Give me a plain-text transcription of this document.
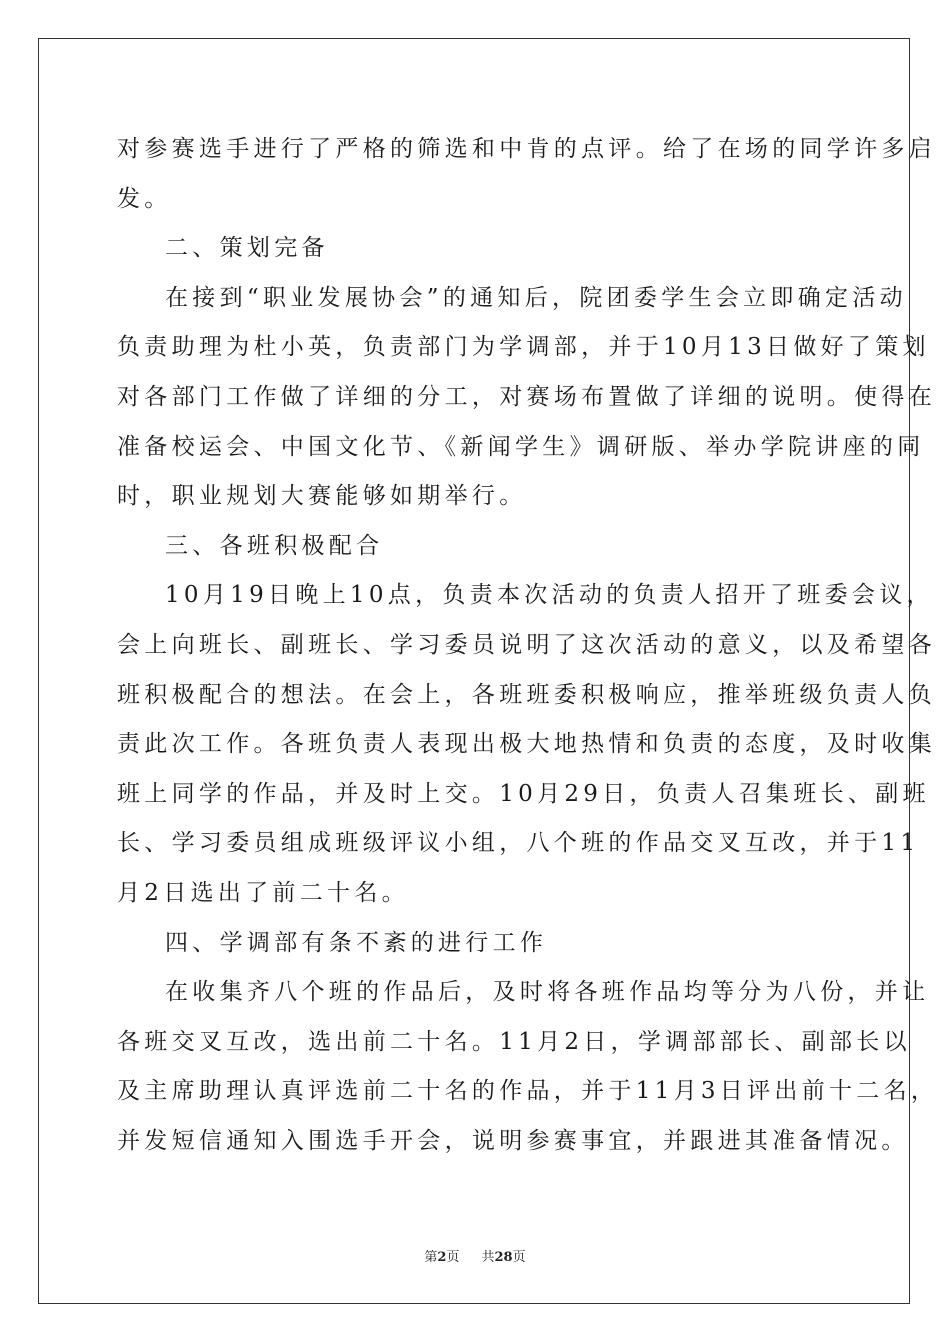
对参赛选手进行了严格的筛选和中肯的点评。给了在场的同学许多启
发。
二、策划完备
在接到“职业发展协会”的通知后，院团委学生会立即确定活动
负责助理为杜小英，负责部门为学调部，并于10月13日做好了策划
对各部门工作做了详细的分工，对赛场布置做了详细的说明。使得在
准备校运会、中国文化节、《新闻学生》调研版、举办学院讲座的同
时，职业规划大赛能够如期举行。
三、各班积极配合
10月19日晚上10点，负责本次活动的负责人招开了班委会议，
会上向班长、副班长、学习委员说明了这次活动的意义，以及希望各
班积极配合的想法。在会上，各班班委积极响应，推举班级负责人负
责此次工作。各班负责人表现出极大地热情和负责的态度，及时收集
班上同学的作品，并及时上交。10月29日，负责人召集班长、副班
长、学习委员组成班级评议小组，八个班的作品交叉互改，并于11
月2日选出了前二十名。
四、学调部有条不紊的进行工作
在收集齐八个班的作品后，及时将各班作品均等分为八份，并让
各班交叉互改，选出前二十名。11月2日，学调部部长、副部长以
及主席助理认真评选前二十名的作品，并于11月3日评出前十二名，
并发短信通知入围选手开会，说明参赛事宜，并跟进其准备情况。
第2页 共28页
